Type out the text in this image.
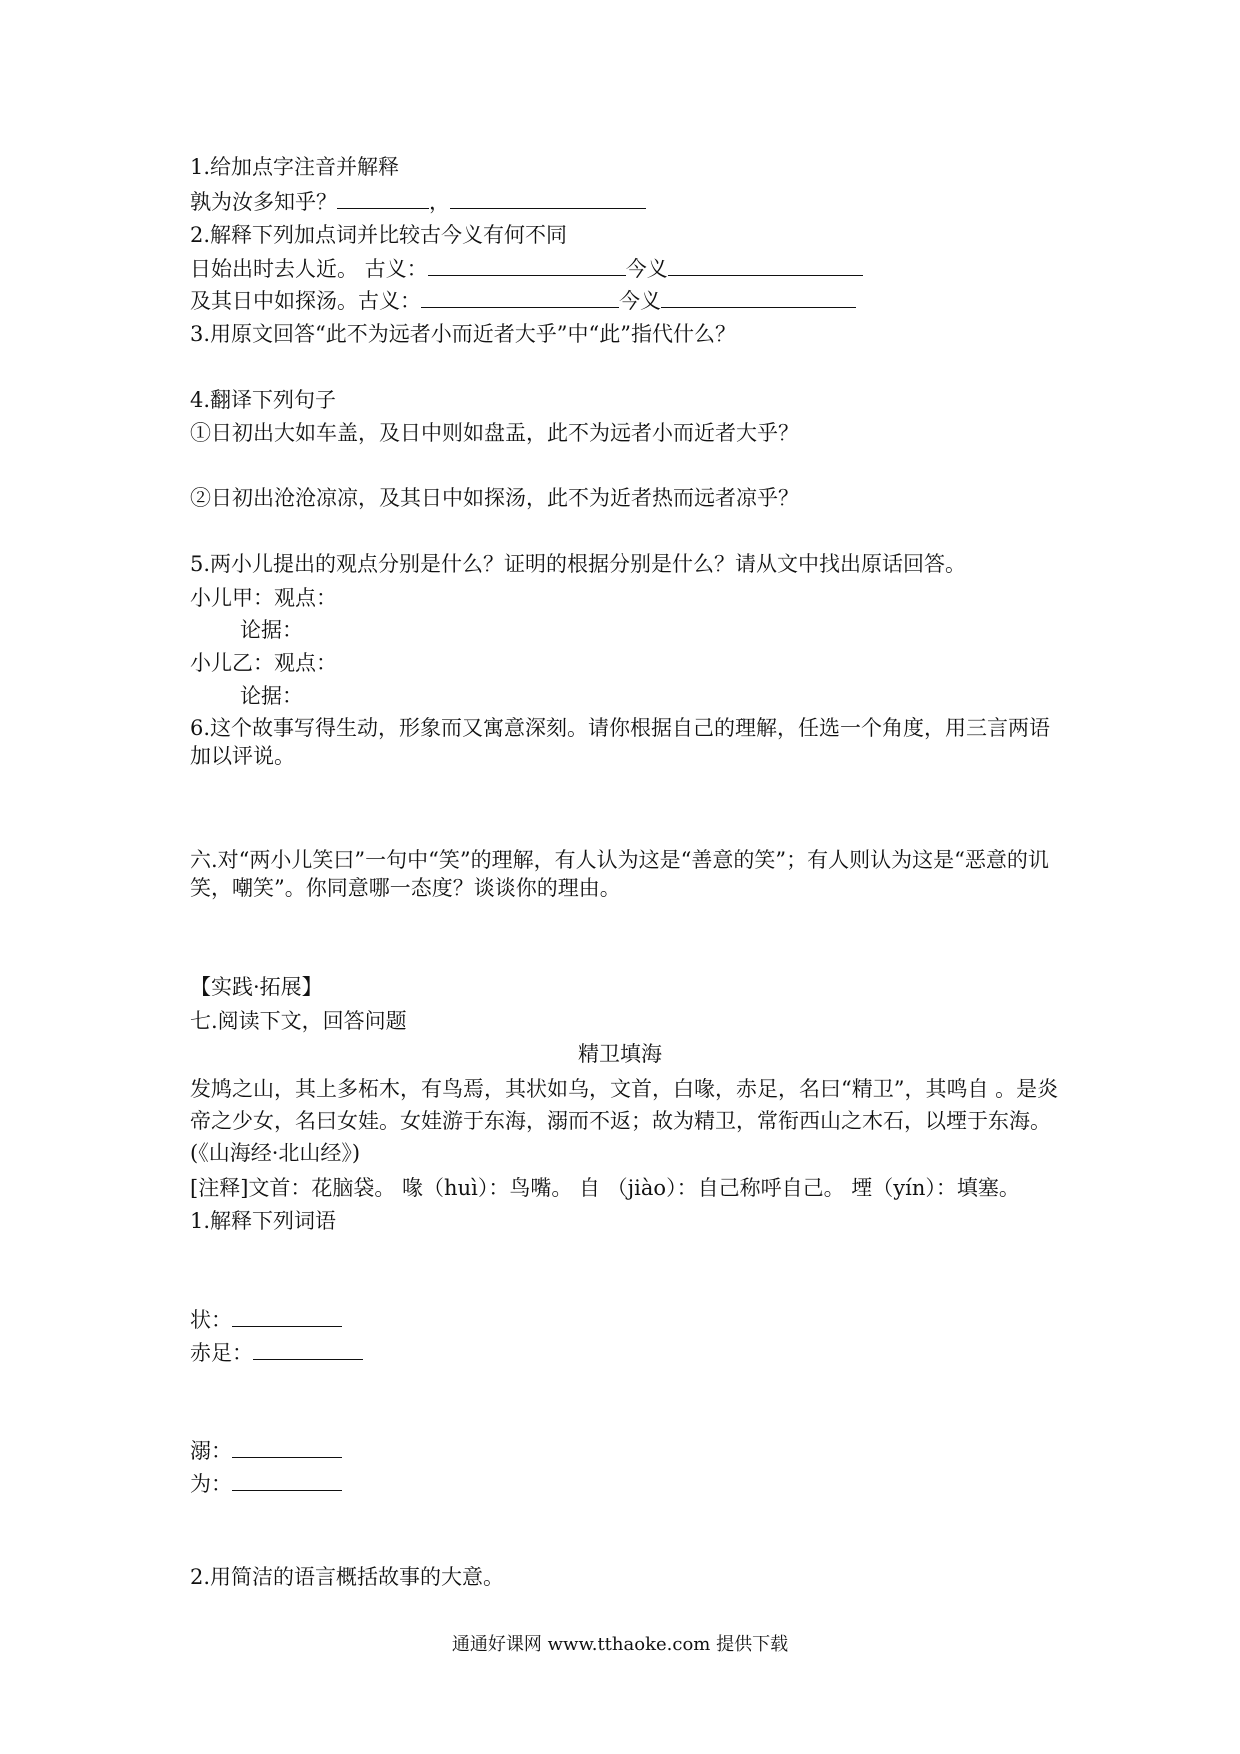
1.给加点字注音并解释
孰为汝多知乎？	，
2.解释下列加点词并比较古今义有何不同
日始出时去人近。 古义：	今义
及其日中如探汤。古义：	今义
3.用原文回答“此不为远者小而近者大乎”中“此”指代什么？
4.翻译下列句子
①日初出大如车盖，及日中则如盘盂，此不为远者小而近者大乎？
②日初出沧沧凉凉，及其日中如探汤，此不为近者热而远者凉乎？
5.两小儿提出的观点分别是什么？证明的根据分别是什么？请从文中找出原话回答。
小儿甲：观点：
论据：
小儿乙：观点：
论据：
6.这个故事写得生动，形象而又寓意深刻。请你根据自己的理解，任选一个角度，用三言两语加以评说。
六.对“两小儿笑曰”一句中“笑”的理解，有人认为这是“善意的笑”；有人则认为这是“恶意的讥笑，嘲笑”。你同意哪一态度？谈谈你的理由。
【实践·拓展】
七.阅读下文，回答问题
精卫填海
发鸠之山，其上多柘木，有鸟焉，其状如乌，文首，白喙，赤足，名曰“精卫”，其鸣自 。是炎帝之少女，名曰女娃。女娃游于东海，溺而不返；故为精卫，常衔西山之木石，以堙于东海。(《山海经·北山经》)
[注释]文首：花脑袋。 喙（huì）：鸟嘴。 自 （jiào）：自己称呼自己。 堙（yín）：填塞。
1.解释下列词语
状：
赤足：
溺：
为：
2.用简洁的语言概括故事的大意。
通通好课网 www.tthaoke.com 提供下载
